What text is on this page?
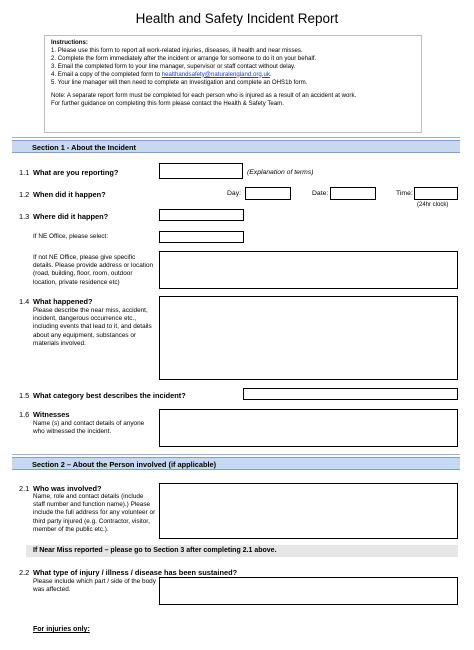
Health and Safety Incident Report
Instructions:
1. Please use this form to report all work-related injuries, diseases, ill health and near misses.
2. Complete the form immediately after the incident or arrange for someone to do it on your behalf.
3. Email the completed form to your line manager, supervisor or staff contact without delay.
4. Email a copy of the completed form to healthandsafety@naturalengland.org.uk.
5. Your line manager will then need to complete an Investigation and complete an OHS1b form.
Note: A separate report form must be completed for each person who is injured as a result of an accident at work.
For further guidance on completing this form please contact the Health & Safety Team.
Section 1 - About the Incident
1.1 What are you reporting?	(Explanation of terms)
1.2 When did it happen?	Day:	Date:	Time:
(24hr clock)
1.3 Where did it happen?
If NE Office, please select:
If not NE Office, please give specific details. Please provide address or location (road, building, floor, room, outdoor location, private residence etc)
1.4 What happened?
Please describe the near miss, accident, incident, dangerous occurrence etc., including events that lead to it, and details about any equipment, substances or materials involved.
1.5 What category best describes the incident?
1.6 Witnesses
Name (s) and contact details of anyone who witnessed the incident.
Section 2 – About the Person involved (if applicable)
2.1 Who was involved?
Name, role and contact details (include staff number and function name).) Please include the full address for any volunteer or third party injured (e.g. Contractor, visitor, member of the public etc.).
If Near Miss reported – please go to Section 3 after completing 2.1 above.
2.2 What type of injury / illness / disease has been sustained?
Please include which part / side of the body was affected.
For injuries only:
